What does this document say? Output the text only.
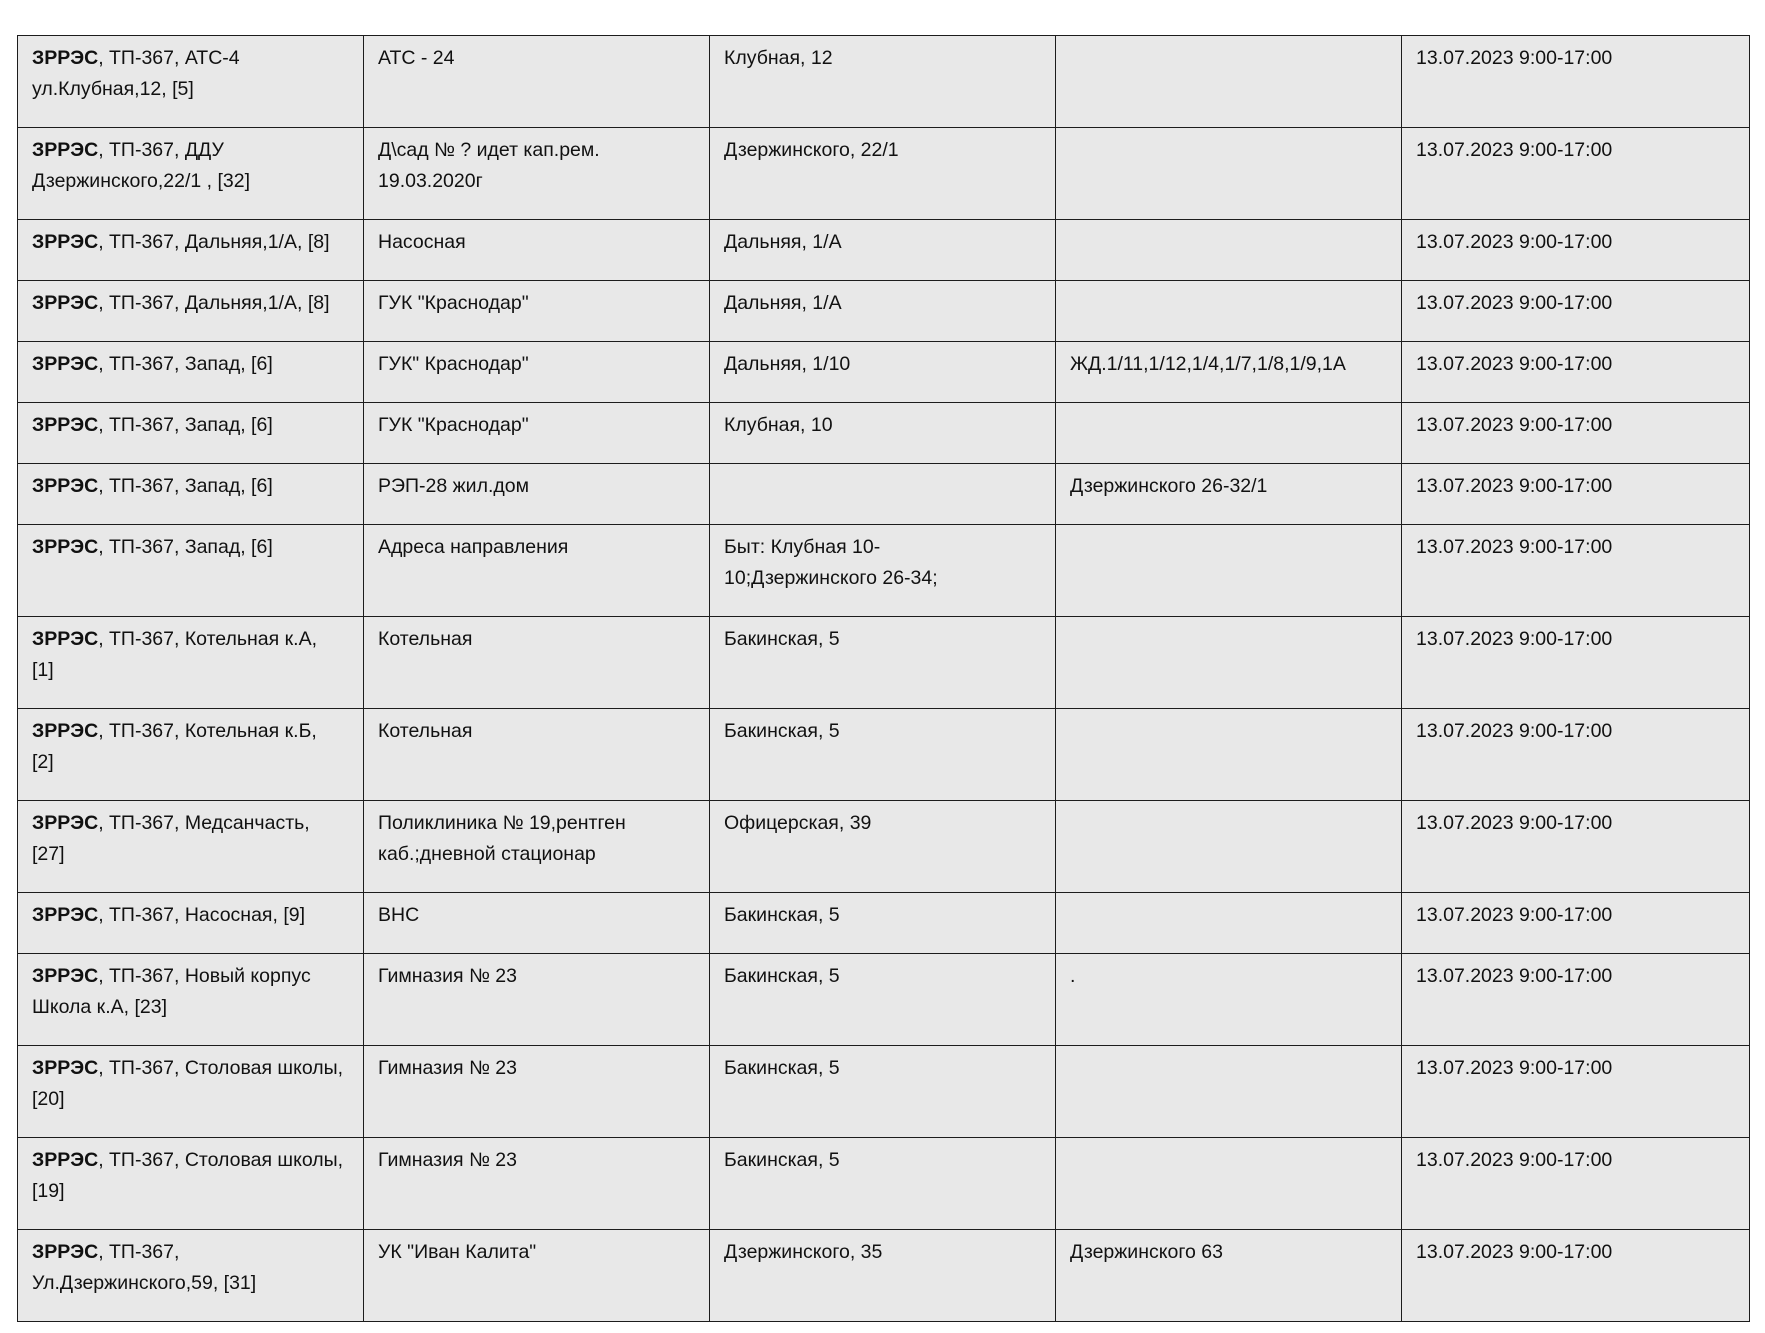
ЗРРЭС, ТП-367, АТС-4
ул.Клубная,12, [5]	АТС - 24	Клубная, 12		13.07.2023 9:00-17:00
ЗРРЭС, ТП-367, ДДУ
Дзержинского,22/1 , [32]	Д\сад № ? идет кап.рем.
19.03.2020г	Дзержинского, 22/1		13.07.2023 9:00-17:00
ЗРРЭС, ТП-367, Дальняя,1/А, [8]	Насосная	Дальняя, 1/А		13.07.2023 9:00-17:00
ЗРРЭС, ТП-367, Дальняя,1/А, [8]	ГУК "Краснодар"	Дальняя, 1/А		13.07.2023 9:00-17:00
ЗРРЭС, ТП-367, Запад, [6]	ГУК" Краснодар"	Дальняя, 1/10	ЖД.1/11,1/12,1/4,1/7,1/8,1/9,1А	13.07.2023 9:00-17:00
ЗРРЭС, ТП-367, Запад, [6]	ГУК "Краснодар"	Клубная, 10		13.07.2023 9:00-17:00
ЗРРЭС, ТП-367, Запад, [6]	РЭП-28 жил.дом		Дзержинского 26-32/1	13.07.2023 9:00-17:00
ЗРРЭС, ТП-367, Запад, [6]	Адреса направления	Быт: Клубная 10-
10;Дзержинского 26-34;		13.07.2023 9:00-17:00
ЗРРЭС, ТП-367, Котельная к.А,
[1]	Котельная	Бакинская, 5		13.07.2023 9:00-17:00
ЗРРЭС, ТП-367, Котельная к.Б,
[2]	Котельная	Бакинская, 5		13.07.2023 9:00-17:00
ЗРРЭС, ТП-367, Медсанчасть,
[27]	Поликлиника № 19,рентген
каб.;дневной стационар	Офицерская, 39		13.07.2023 9:00-17:00
ЗРРЭС, ТП-367, Насосная, [9]	ВНС	Бакинская, 5		13.07.2023 9:00-17:00
ЗРРЭС, ТП-367, Новый корпус
Школа к.А, [23]	Гимназия № 23	Бакинская, 5	.	13.07.2023 9:00-17:00
ЗРРЭС, ТП-367, Столовая школы,
[20]	Гимназия № 23	Бакинская, 5		13.07.2023 9:00-17:00
ЗРРЭС, ТП-367, Столовая школы,
[19]	Гимназия № 23	Бакинская, 5		13.07.2023 9:00-17:00
ЗРРЭС, ТП-367,
Ул.Дзержинского,59, [31]	УК "Иван Калита"	Дзержинского, 35	Дзержинского 63	13.07.2023 9:00-17:00
